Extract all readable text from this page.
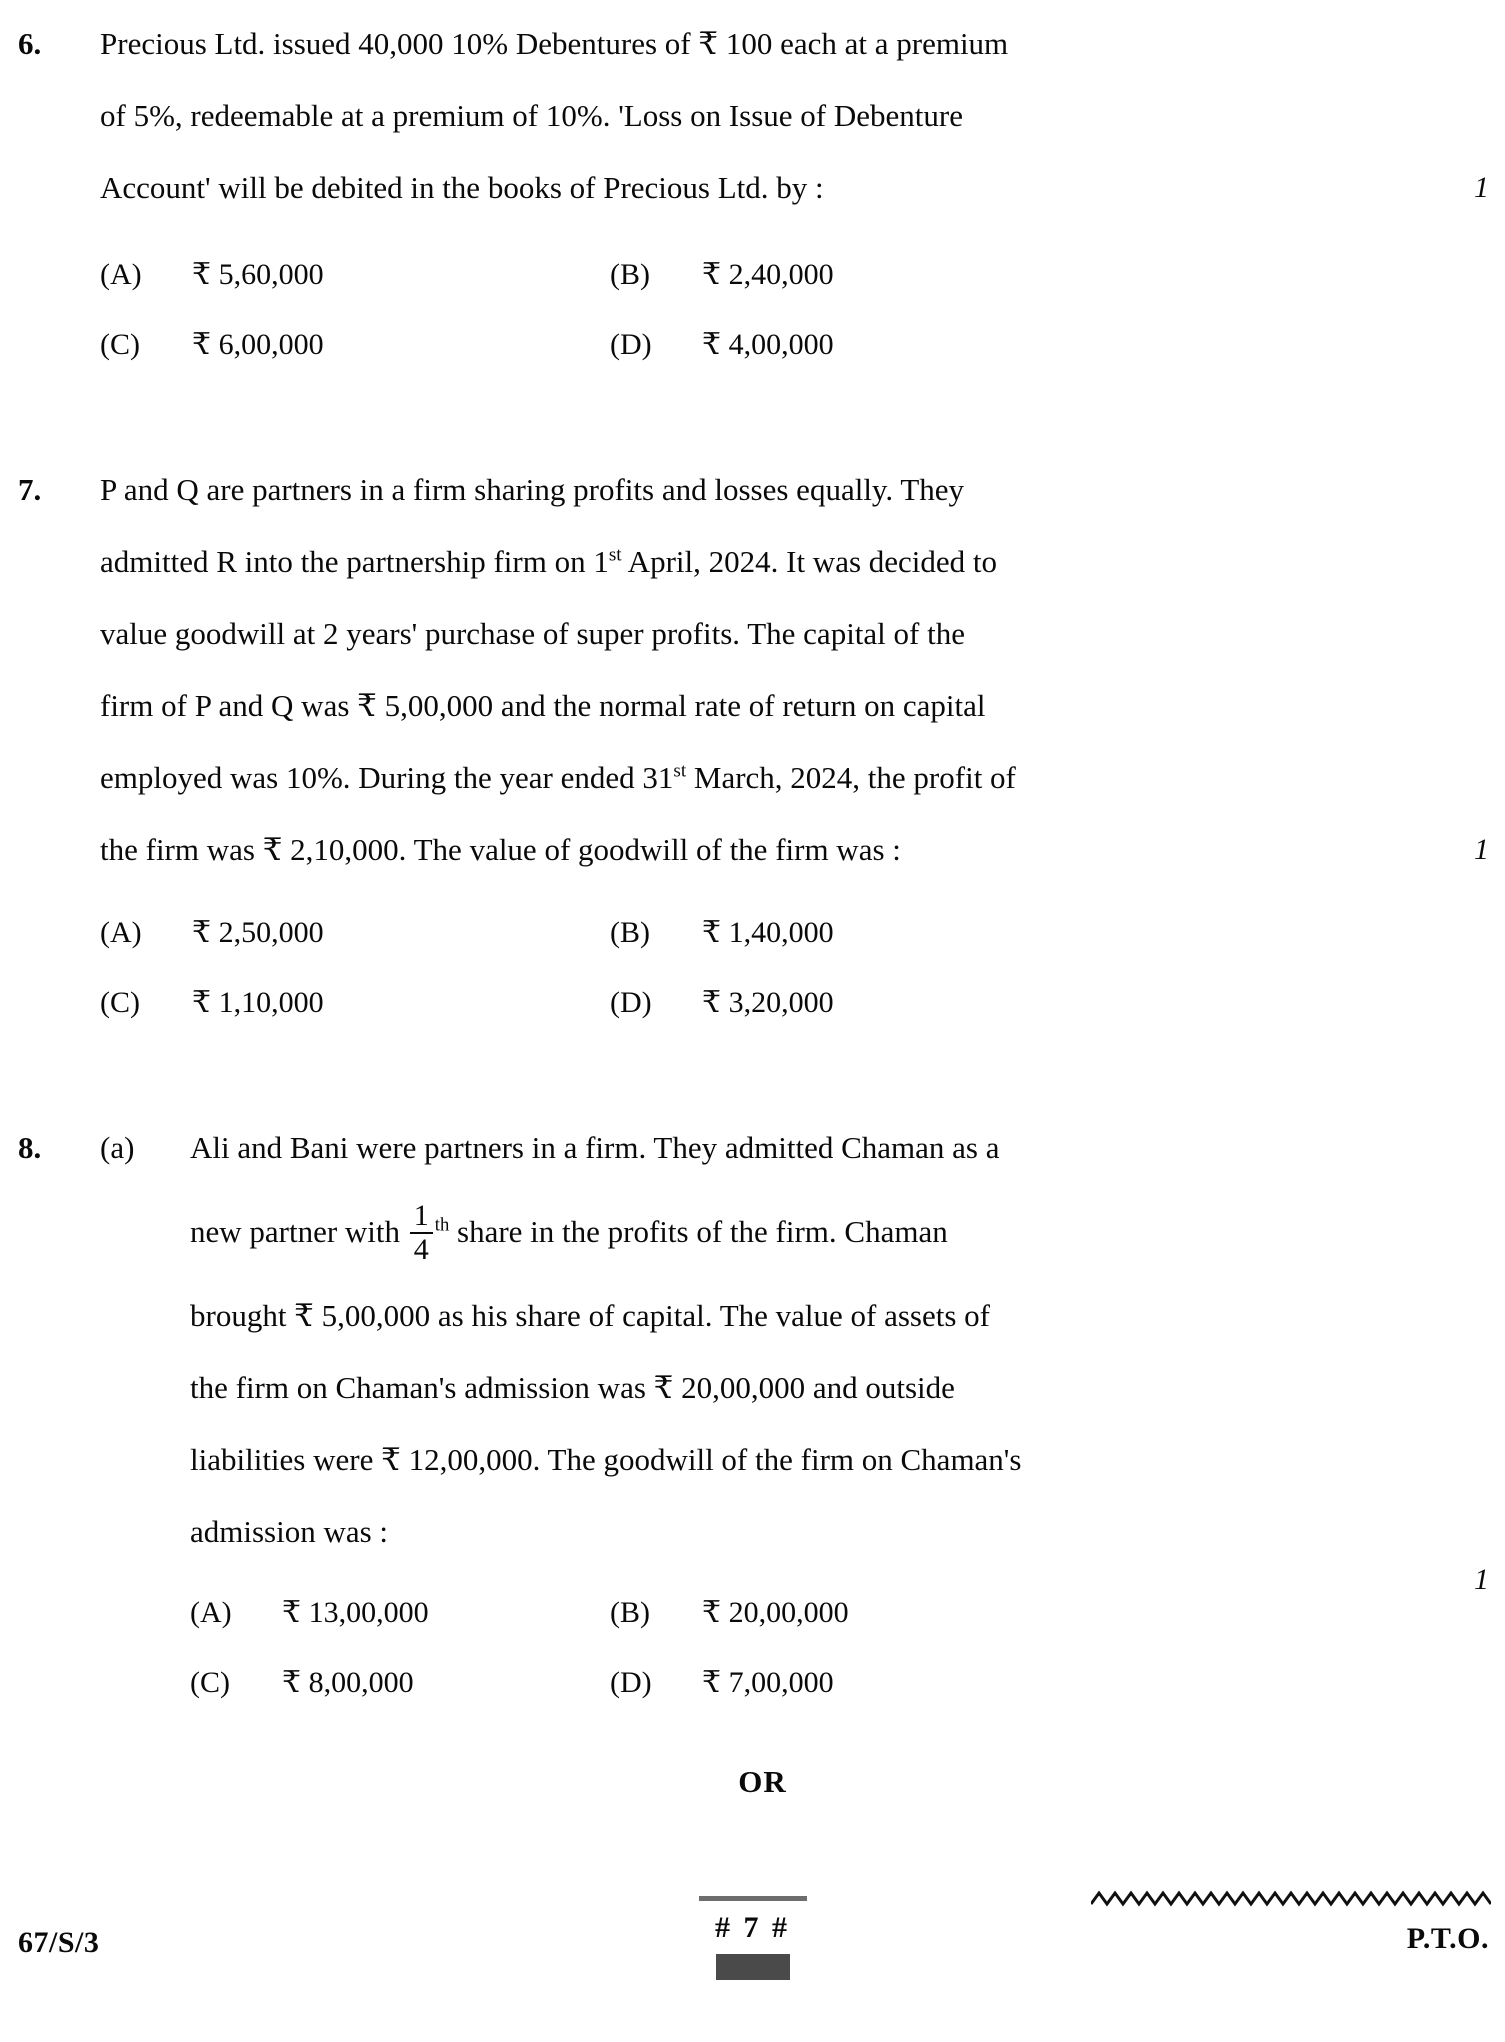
6.	Precious Ltd. issued 40,000 10% Debentures of ₹ 100 each at a premium
of 5%, redeemable at a premium of 10%. 'Loss on Issue of Debenture
Account' will be debited in the books of Precious Ltd. by :
(A)	₹ 5,60,000	(B)	₹ 2,40,000
(C)	₹ 6,00,000	(D)	₹ 4,00,000
1
7.	P and Q are partners in a firm sharing profits and losses equally. They
admitted R into the partnership firm on 1st April, 2024. It was decided to
value goodwill at 2 years' purchase of super profits. The capital of the
firm of P and Q was ₹ 5,00,000 and the normal rate of return on capital
employed was 10%. During the year ended 31st March, 2024, the profit of
the firm was ₹ 2,10,000. The value of goodwill of the firm was :
(A)	₹ 2,50,000	(B)	₹ 1,40,000
(C)	₹ 1,10,000	(D)	₹ 3,20,000
1
8.	(a)	Ali and Bani were partners in a firm. They admitted Chaman as a
new partner with $\frac{1}{4} ^{th}$ share in the profits of the firm. Chaman
brought ₹ 5,00,000 as his share of capital. The value of assets of
the firm on Chaman's admission was ₹ 20,00,000 and outside
liabilities were ₹ 12,00,000. The goodwill of the firm on Chaman's
admission was :
(A)	₹ 13,00,000	(B)	₹ 20,00,000
(C)	₹ 8,00,000	(D)	₹ 7,00,000
OR
1
67/S/3	# 7 #	P.T.O.
